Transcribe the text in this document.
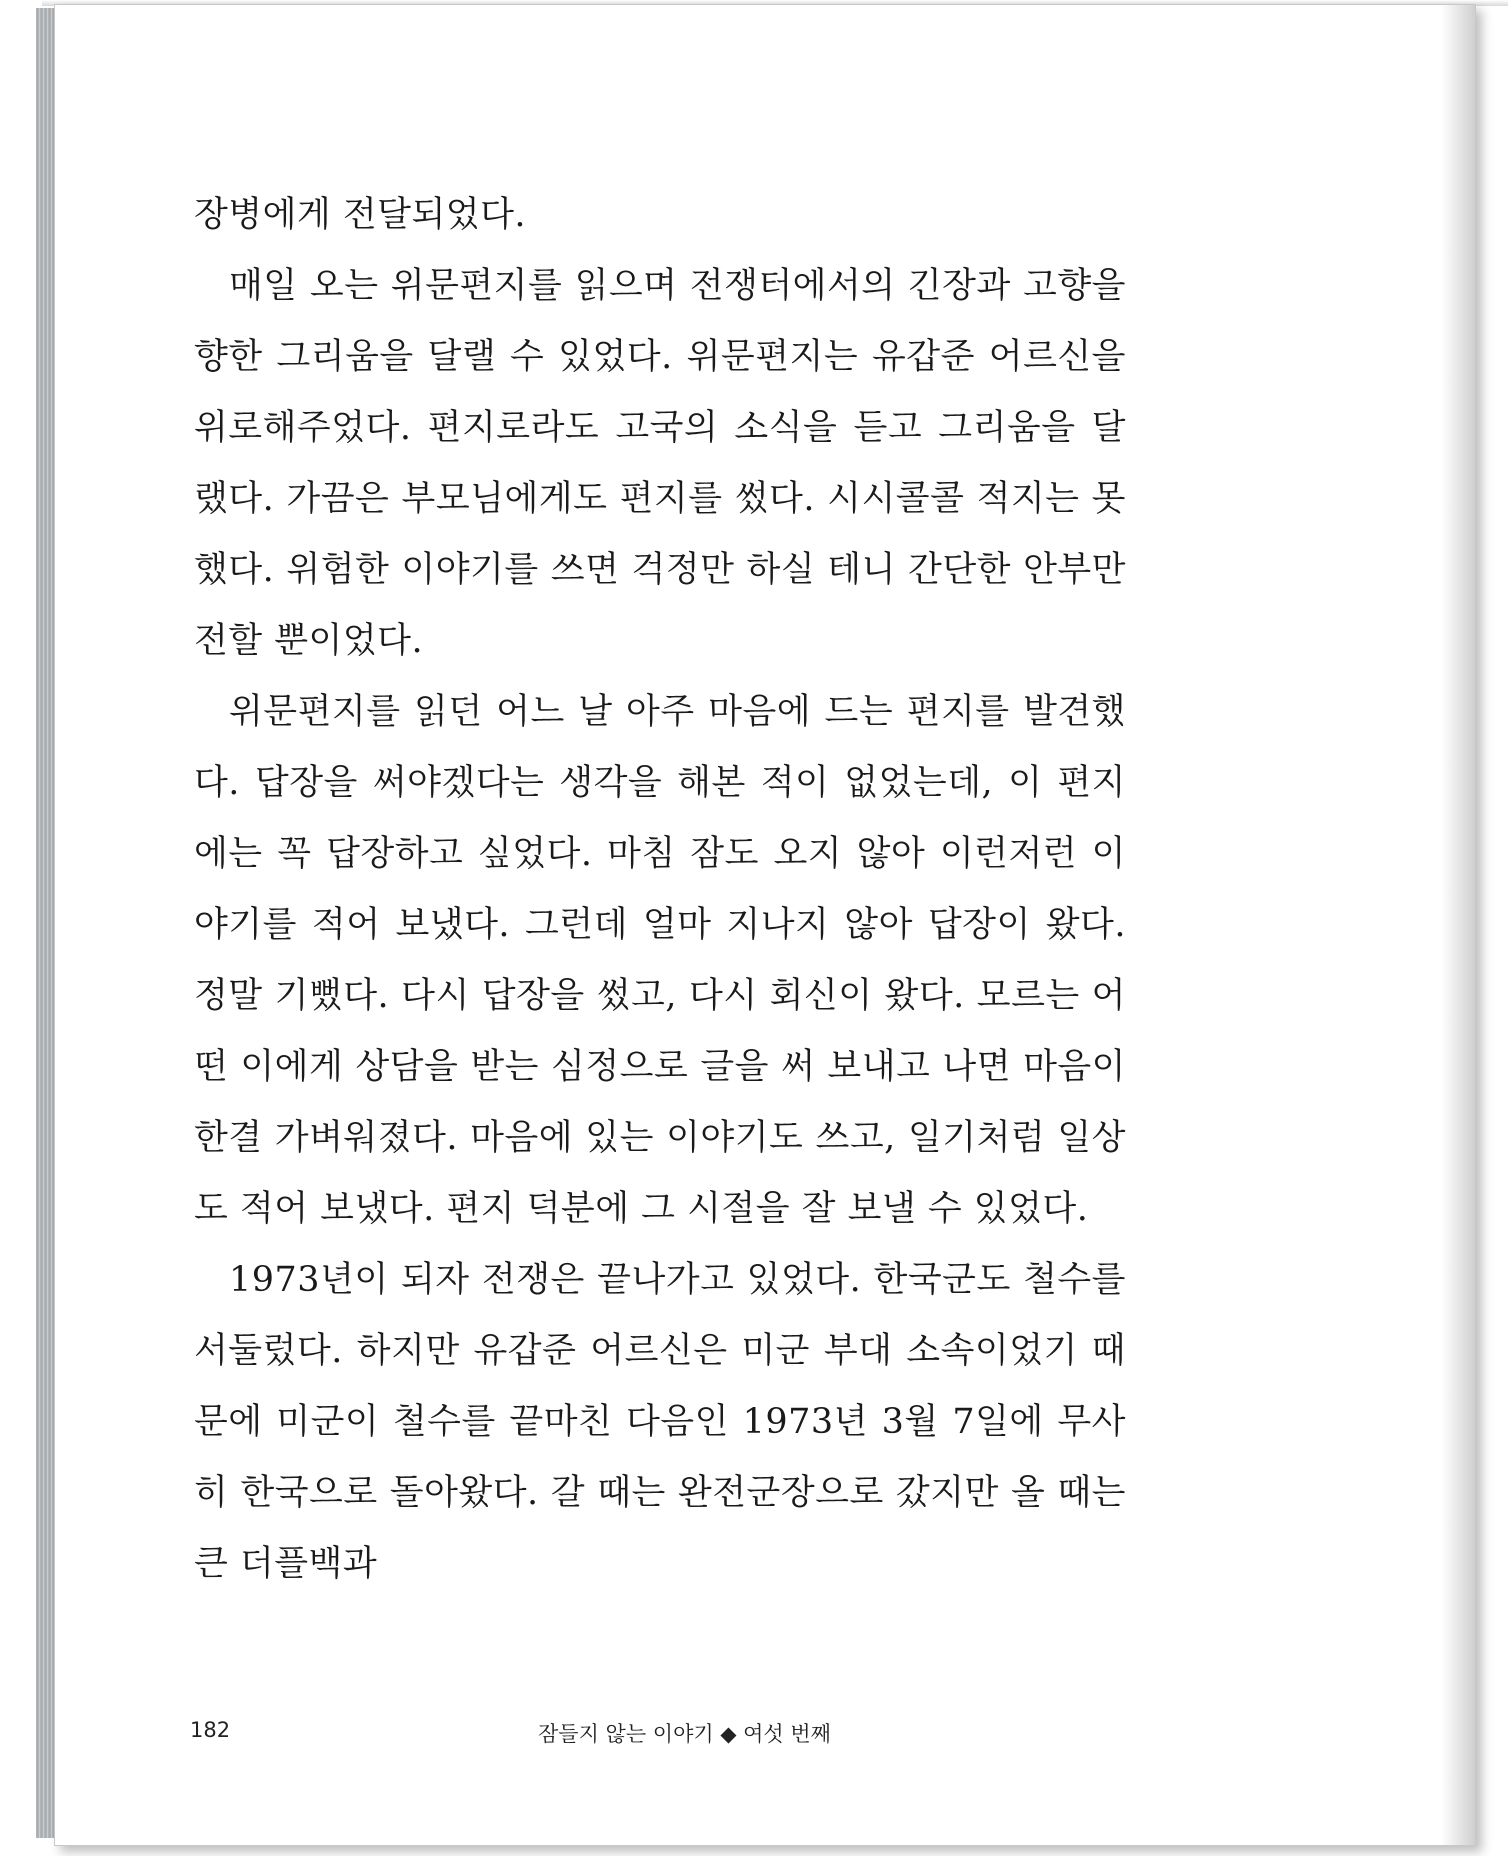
장병에게 전달되었다.

매일 오는 위문편지를 읽으며 전쟁터에서의 긴장과 고향을 향한 그리움을 달랠 수 있었다. 위문편지는 유갑준 어르신을 위로해주었다. 편지로라도 고국의 소식을 듣고 그리움을 달랬다. 가끔은 부모님에게도 편지를 썼다. 시시콜콜 적지는 못했다. 위험한 이야기를 쓰면 걱정만 하실 테니 간단한 안부만 전할 뿐이었다.

위문편지를 읽던 어느 날 아주 마음에 드는 편지를 발견했다. 답장을 써야겠다는 생각을 해본 적이 없었는데, 이 편지에는 꼭 답장하고 싶었다. 마침 잠도 오지 않아 이런저런 이야기를 적어 보냈다. 그런데 얼마 지나지 않아 답장이 왔다. 정말 기뻤다. 다시 답장을 썼고, 다시 회신이 왔다. 모르는 어떤 이에게 상담을 받는 심정으로 글을 써 보내고 나면 마음이 한결 가벼워졌다. 마음에 있는 이야기도 쓰고, 일기처럼 일상도 적어 보냈다. 편지 덕분에 그 시절을 잘 보낼 수 있었다.

1973년이 되자 전쟁은 끝나가고 있었다. 한국군도 철수를 서둘렀다. 하지만 유갑준 어르신은 미군 부대 소속이었기 때문에 미군이 철수를 끝마친 다음인 1973년 3월 7일에 무사히 한국으로 돌아왔다. 갈 때는 완전군장으로 갔지만 올 때는 큰 더플백과

182	잠들지 않는 이야기 ◆ 여섯 번째
